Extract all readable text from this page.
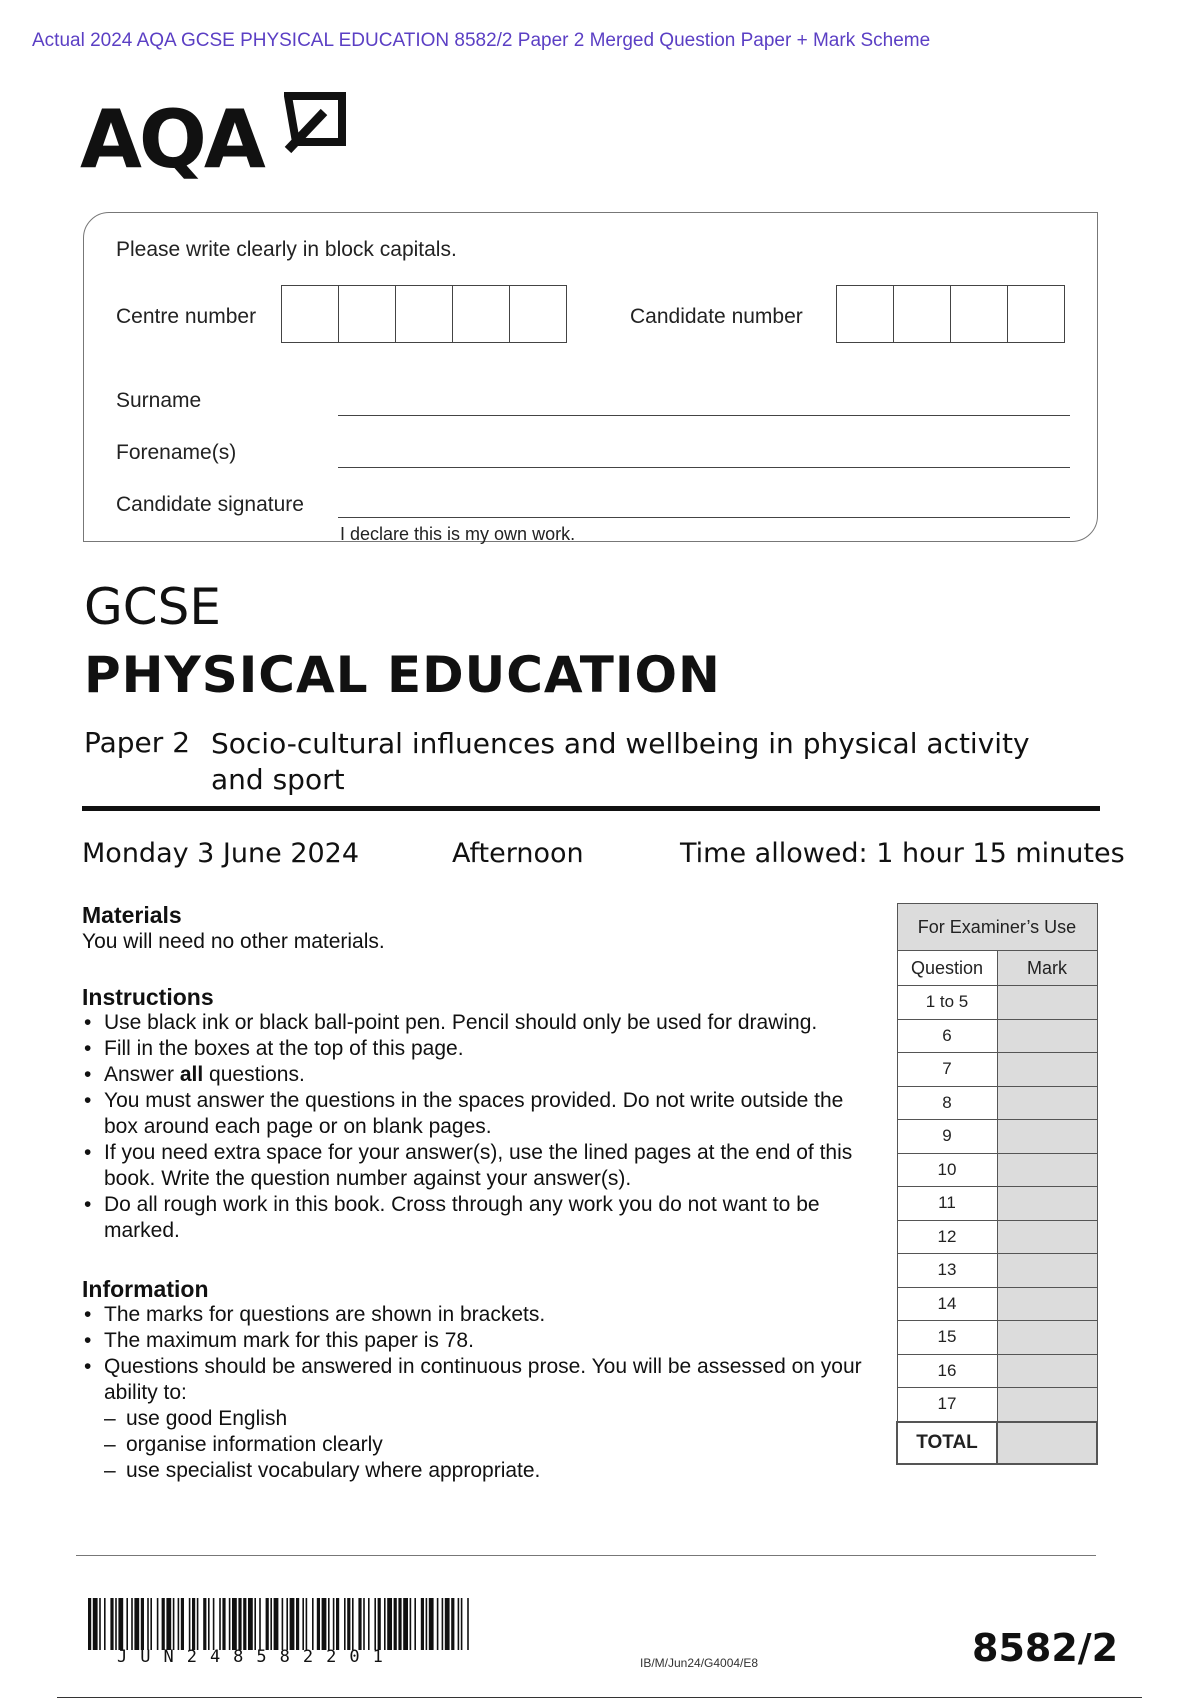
Actual 2024 AQA GCSE PHYSICAL EDUCATION 8582/2 Paper 2 Merged Question Paper + Mark Scheme
AQA
Please write clearly in block capitals.
Centre number	Candidate number
Surname
Forename(s)
Candidate signature
I declare this is my own work.
GCSE
PHYSICAL EDUCATION
Paper 2 Socio-cultural influences and wellbeing in physical activity and sport
Monday 3 June 2024	Afternoon	Time allowed: 1 hour 15 minutes
Materials
You will need no other materials.
Instructions
• Use black ink or black ball-point pen. Pencil should only be used for drawing.
• Fill in the boxes at the top of this page.
• Answer all questions.
• You must answer the questions in the spaces provided. Do not write outside the box around each page or on blank pages.
• If you need extra space for your answer(s), use the lined pages at the end of this book. Write the question number against your answer(s).
• Do all rough work in this book. Cross through any work you do not want to be marked.
Information
• The marks for questions are shown in brackets.
• The maximum mark for this paper is 78.
• Questions should be answered in continuous prose. You will be assessed on your ability to:
– use good English
– organise information clearly
– use specialist vocabulary where appropriate.
For Examiner’s Use	
Question	Mark
1 to 5	
6	
7	
8	
9	
10	
11	
12	
13	
14	
15	
16	
17	
TOTAL	
JUN248582201	IB/M/Jun24/G4004/E8	8582/2
